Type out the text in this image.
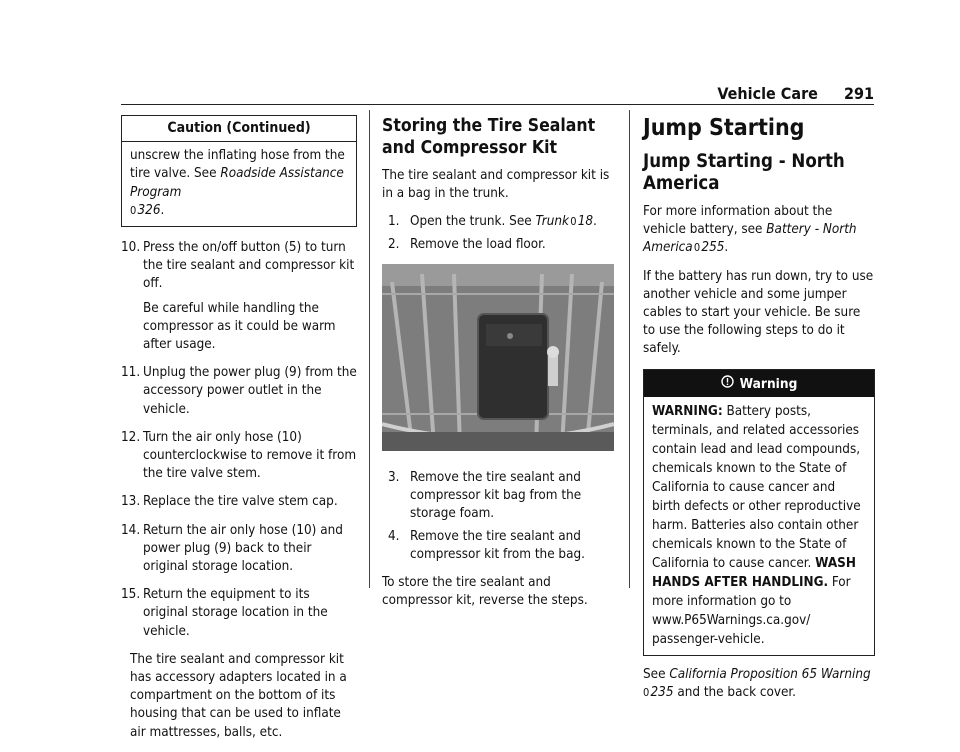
Vehicle Care 291
Caution (Continued)
unscrew the inflating hose from the tire valve. See Roadside Assistance Program
0 326.
10. Press the on/off button (5) to turn the tire sealant and compressor kit off.
Be careful while handling the compressor as it could be warm after usage.
11. Unplug the power plug (9) from the accessory power outlet in the vehicle.
12. Turn the air only hose (10) counterclockwise to remove it from the tire valve stem.
13. Replace the tire valve stem cap.
14. Return the air only hose (10) and power plug (9) back to their original storage location.
15. Return the equipment to its original storage location in the vehicle.

The tire sealant and compressor kit has accessory adapters located in a compartment on the bottom of its housing that can be used to inflate air mattresses, balls, etc.

Storing the Tire Sealant and Compressor Kit

The tire sealant and compressor kit is in a bag in the trunk.

1. Open the trunk. See Trunk 0 18.
2. Remove the load floor.
3. Remove the tire sealant and compressor kit bag from the storage foam.
4. Remove the tire sealant and compressor kit from the bag.

To store the tire sealant and compressor kit, reverse the steps.

Jump Starting
Jump Starting - North America

For more information about the vehicle battery, see Battery - North America 0 255.

If the battery has run down, try to use another vehicle and some jumper cables to start your vehicle. Be sure to use the following steps to do it safely.

Warning
WARNING: Battery posts, terminals, and related accessories contain lead and lead compounds, chemicals known to the State of California to cause cancer and birth defects or other reproductive harm. Batteries also contain other chemicals known to the State of California to cause cancer. WASH HANDS AFTER HANDLING. For more information go to www.P65Warnings.ca.gov/ passenger-vehicle.

See California Proposition 65 Warning 0 235 and the back cover.
